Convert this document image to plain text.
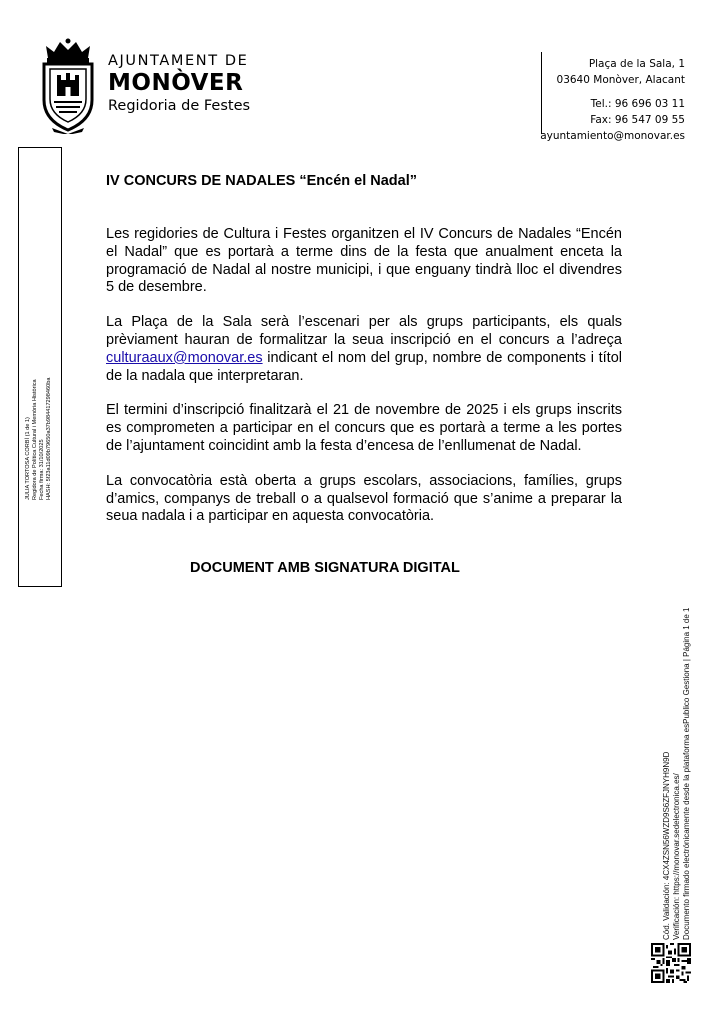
AJUNTAMENT DE
MONÒVER
Regidoria de Festes
Plaça de la Sala, 1
03640 Monòver, Alacant
Tel.: 96 696 03 11
Fax: 96 547 09 55
ayuntamiento@monovar.es
JULIA TORTOSA CORBÍ (1 de 1) Regidora de Política Cultural i Memòria Històrica Fecha firma: 31/10/2025 HASH: 5f23a11d09b79650a37b984417298460ba

IV CONCURS DE NADALES “Encén el Nadal”

Les regidories de Cultura i Festes organitzen el IV Concurs de Nadales “Encén el Nadal” que es portarà a terme dins de la festa que anualment enceta la programació de Nadal al nostre municipi, i que enguany tindrà lloc el divendres 5 de desembre.

La Plaça de la Sala serà l’escenari per als grups participants, els quals prèviament hauran de formalitzar la seua inscripció en el concurs a l’adreça culturaaux@monovar.es indicant el nom del grup, nombre de components i títol de la nadala que interpretaran.

El termini d’inscripció finalitzarà el 21 de novembre de 2025 i els grups inscrits es comprometen a participar en el concurs que es portarà a terme a les portes de l’ajuntament coincidint amb la festa d’encesa de l’enllumenat de Nadal.

La convocatòria està oberta a grups escolars, associacions, famílies, grups d’amics, companys de treball o a qualsevol formació que s’anime a preparar la seua nadala i a participar en aquesta convocatòria.

DOCUMENT AMB SIGNATURA DIGITAL
Cód. Validación: 4CX4ZSN56WZD9S6ZFJNYH9N9D Verificación: https://monovar.sedelectronica.es/ Documento firmado electrónicamente desde la plataforma esPublico Gestiona | Página 1 de 1
